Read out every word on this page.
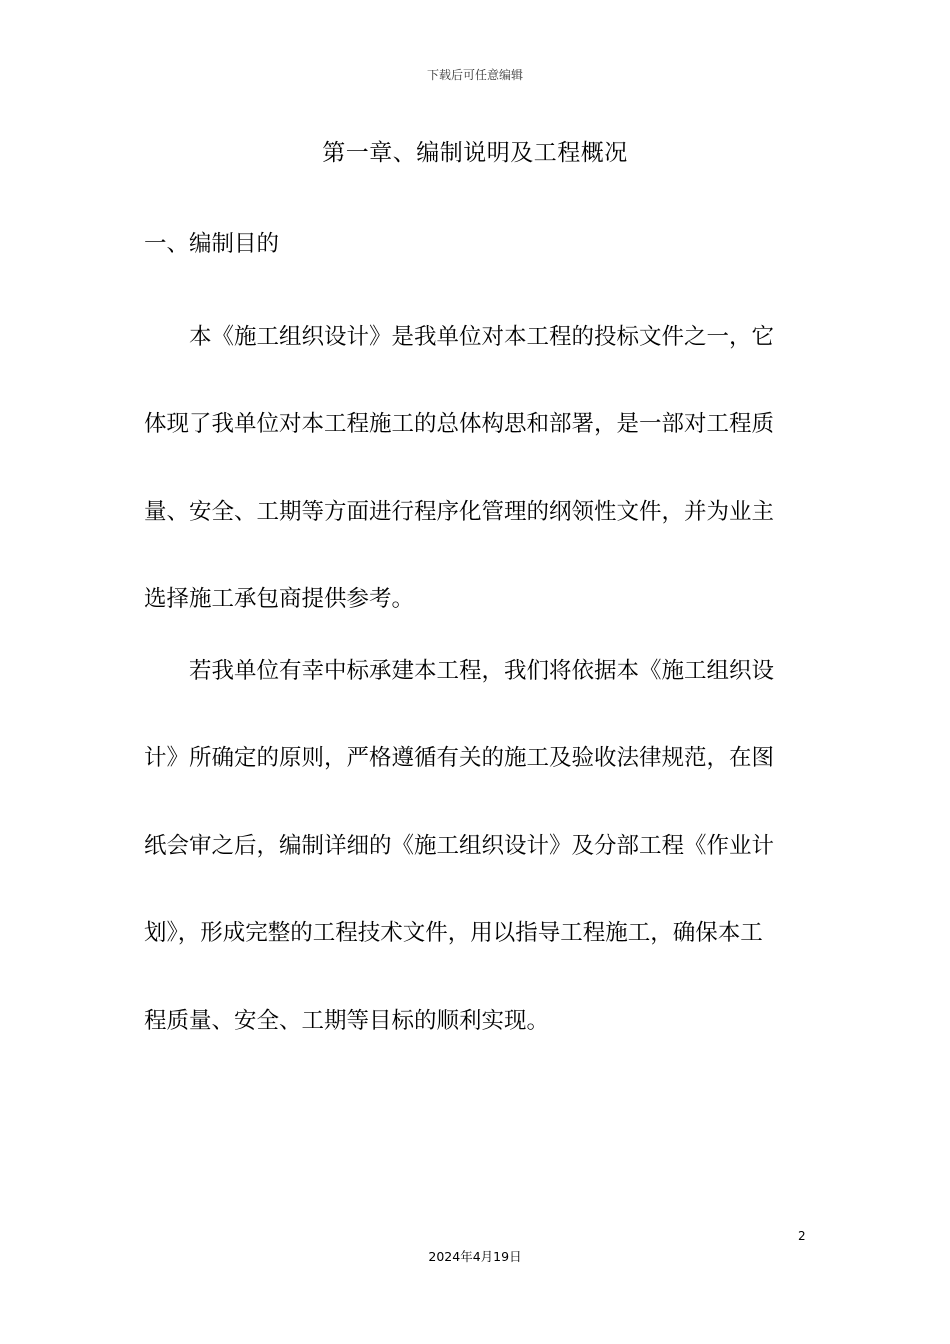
下载后可任意编辑
第一章、编制说明及工程概况
一、编制目的
　　本《施工组织设计》是我单位对本工程的投标文件之一，它
体现了我单位对本工程施工的总体构思和部署，是一部对工程质
量、安全、工期等方面进行程序化管理的纲领性文件，并为业主
选择施工承包商提供参考。
　　若我单位有幸中标承建本工程，我们将依据本《施工组织设
计》所确定的原则，严格遵循有关的施工及验收法律规范，在图
纸会审之后，编制详细的《施工组织设计》及分部工程《作业计
划》，形成完整的工程技术文件，用以指导工程施工，确保本工
程质量、安全、工期等目标的顺利实现。
2
2024年4月19日
